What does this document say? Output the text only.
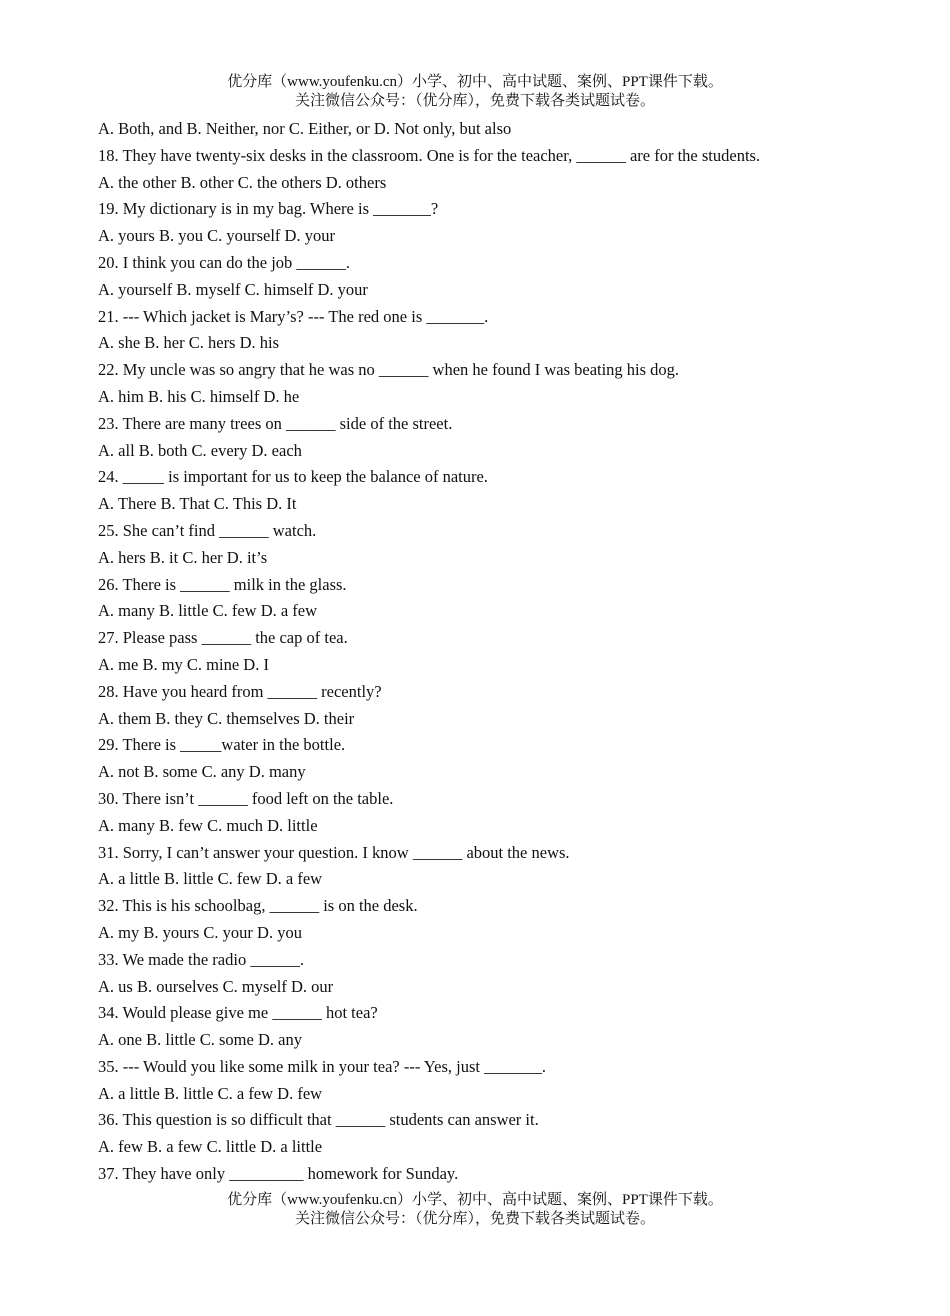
优分库（www.youfenku.cn）小学、初中、高中试题、案例、PPT课件下载。
关注微信公众号：（优分库），免费下载各类试题试卷。
A. Both, and B. Neither, nor C. Either, or D. Not only, but also
18. They have twenty-six desks in the classroom. One is for the teacher, ______ are for the students.
A. the other B. other C. the others D. others
19. My dictionary is in my bag. Where is _______?
A. yours B. you C. yourself D. your
20. I think you can do the job ______.
A. yourself B. myself C. himself D. your
21. --- Which jacket is Mary’s? --- The red one is _______.
A. she B. her C. hers D. his
22. My uncle was so angry that he was no ______ when he found I was beating his dog.
A. him B. his C. himself D. he
23. There are many trees on ______ side of the street.
A. all B. both C. every D. each
24. _____ is important for us to keep the balance of nature.
A. There B. That C. This D. It
25. She can’t find ______ watch.
A. hers B. it C. her D. it’s
26. There is ______ milk in the glass.
A. many B. little C. few D. a few
27. Please pass ______ the cap of tea.
A. me B. my C. mine D. I
28. Have you heard from ______ recently?
A. them B. they C. themselves D. their
29. There is _____water in the bottle.
A. not B. some C. any D. many
30. There isn’t ______ food left on the table.
A. many B. few C. much D. little
31. Sorry, I can’t answer your question. I know ______ about the news.
A. a little B. little C. few D. a few
32. This is his schoolbag, ______ is on the desk.
A. my B. yours C. your D. you
33. We made the radio ______.
A. us B. ourselves C. myself D. our
34. Would please give me ______ hot tea?
A. one B. little C. some D. any
35. --- Would you like some milk in your tea? --- Yes, just _______.
A. a little B. little C. a few D. few
36. This question is so difficult that ______ students can answer it.
A. few B. a few C. little D. a little
37. They have only _________ homework for Sunday.
优分库（www.youfenku.cn）小学、初中、高中试题、案例、PPT课件下载。
关注微信公众号：（优分库），免费下载各类试题试卷。
